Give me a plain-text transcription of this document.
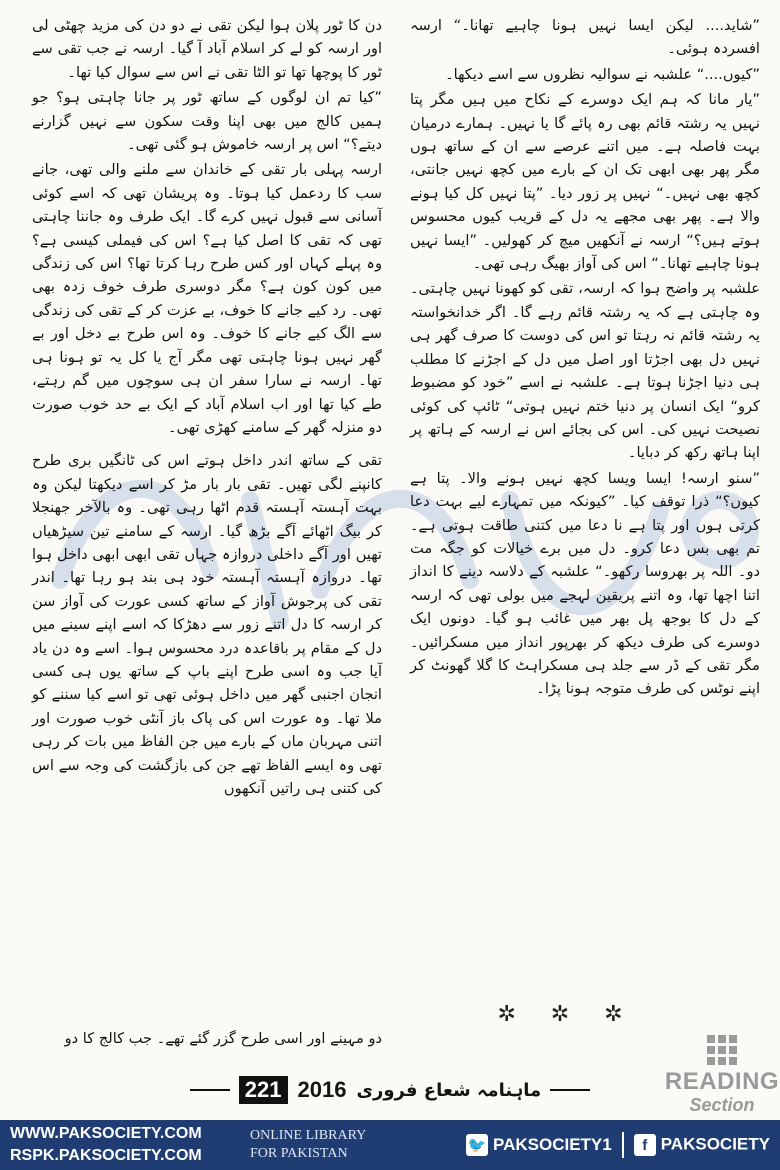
”شاید.... لیکن ایسا نہیں ہونا چاہیے تھانا۔“ ارسہ افسردہ ہوئی۔

”کیوں....“ علشبہ نے سوالیہ نظروں سے اسے دیکھا۔

”یار مانا کہ ہم ایک دوسرے کے نکاح میں ہیں مگر پتا نہیں یہ رشتہ قائم بھی رہ پائے گا یا نہیں۔ ہمارے درمیان بہت فاصلہ ہے۔ میں اتنے عرصے سے ان کے ساتھ ہوں مگر پھر بھی ابھی تک ان کے بارے میں کچھ نہیں جانتی، کچھ بھی نہیں۔“ نہیں پر زور دیا۔ ”پتا نہیں کل کیا ہونے والا ہے۔ پھر بھی مجھے یہ دل کے قریب کیوں محسوس ہوتے ہیں؟“ ارسہ نے آنکھیں میچ کر کھولیں۔ ”ایسا نہیں ہونا چاہیے تھانا۔“ اس کی آواز بھیگ رہی تھی۔

علشبہ پر واضح ہوا کہ ارسہ، تقی کو کھونا نہیں چاہتی۔ وہ چاہتی ہے کہ یہ رشتہ قائم رہے گا۔ اگر خدانخواستہ یہ رشتہ قائم نہ رہتا تو اس کی دوست کا صرف گھر ہی نہیں دل بھی اجڑتا اور اصل میں دل کے اجڑنے کا مطلب ہی دنیا اجڑنا ہوتا ہے۔ علشبہ نے اسے ”خود کو مضبوط کرو“ ایک انسان پر دنیا ختم نہیں ہوتی“ ٹائپ کی کوئی نصیحت نہیں کی۔ اس کی بجائے اس نے ارسہ کے ہاتھ پر اپنا ہاتھ رکھ کر دبایا۔

”سنو ارسہ! ایسا ویسا کچھ نہیں ہونے والا۔ پتا ہے کیوں؟“ ذرا توقف کیا۔ ”کیونکہ میں تمہارے لیے بہت دعا کرتی ہوں اور پتا ہے نا دعا میں کتنی طاقت ہوتی ہے۔ تم بھی بس دعا کرو۔ دل میں برے خیالات کو جگہ مت دو۔ اللہ پر بھروسا رکھو۔“ علشبہ کے دلاسہ دینے کا انداز اتنا اچھا تھا، وہ اتنے پریقین لہجے میں بولی تھی کہ ارسہ کے دل کا بوجھ پل بھر میں غائب ہو گیا۔ دونوں ایک دوسرے کی طرف دیکھ کر بھرپور انداز میں مسکرائیں۔ مگر تقی کے ڈر سے جلد ہی مسکراہٹ کا گلا گھونٹ کر اپنے نوٹس کی طرف متوجہ ہونا پڑا۔

دن کا ٹور پلان ہوا لیکن تقی نے دو دن کی مزید چھٹی لی اور ارسہ کو لے کر اسلام آباد آ گیا۔ ارسہ نے جب تقی سے ٹور کا پوچھا تھا تو الٹا تقی نے اس سے سوال کیا تھا۔

”کیا تم ان لوگوں کے ساتھ ٹور پر جانا چاہتی ہو؟ جو ہمیں کالج میں بھی اپنا وقت سکون سے نہیں گزارنے دیتے؟“ اس پر ارسہ خاموش ہو گئی تھی۔

ارسہ پہلی بار تقی کے خاندان سے ملنے والی تھی، جانے سب کا ردعمل کیا ہوتا۔ وہ پریشان تھی کہ اسے کوئی آسانی سے قبول نہیں کرے گا۔ ایک طرف وہ جاننا چاہتی تھی کہ تقی کا اصل کیا ہے؟ اس کی فیملی کیسی ہے؟ وہ پہلے کہاں اور کس طرح رہا کرتا تھا؟ اس کی زندگی میں کون کون ہے؟ مگر دوسری طرف خوف زدہ بھی تھی۔ رد کیے جانے کا خوف، بے عزت کر کے تقی کی زندگی سے الگ کیے جانے کا خوف۔ وہ اس طرح بے دخل اور بے گھر نہیں ہونا چاہتی تھی مگر آج یا کل یہ تو ہونا ہی تھا۔ ارسہ نے سارا سفر ان ہی سوچوں میں گم رہتے، طے کیا تھا اور اب اسلام آباد کے ایک بے حد خوب صورت دو منزلہ گھر کے سامنے کھڑی تھی۔

تقی کے ساتھ اندر داخل ہوتے اس کی ٹانگیں بری طرح کانپنے لگی تھیں۔ تقی بار بار مڑ کر اسے دیکھتا لیکن وہ بہت آہستہ آہستہ قدم اٹھا رہی تھی۔ وہ بالآخر جھنجلا کر بیگ اٹھائے آگے بڑھ گیا۔ ارسہ کے سامنے تین سیڑھیاں تھیں اور آگے داخلی دروازہ جہاں تقی ابھی ابھی داخل ہوا تھا۔ دروازہ آہستہ آہستہ خود ہی بند ہو رہا تھا۔ اندر تقی کی پرجوش آواز کے ساتھ کسی عورت کی آواز سن کر ارسہ کا دل اتنے زور سے دھڑکا کہ اسے اپنے سینے میں دل کے مقام پر باقاعدہ درد محسوس ہوا۔ اسے وہ دن یاد آیا جب وہ اسی طرح اپنے باپ کے ساتھ یوں ہی کسی انجان اجنبی گھر میں داخل ہوئی تھی تو اسے کیا سننے کو ملا تھا۔ وہ عورت اس کی پاک باز آنٹی خوب صورت اور اتنی مہربان ماں کے بارے میں جن الفاظ میں بات کر رہی تھی وہ ایسے الفاظ تھے جن کی بازگشت کی وجہ سے اس کی کتنی ہی راتیں آنکھوں

✲ ✲ ✲
دو مہینے اور اسی طرح گزر گئے تھے۔ جب کالج کا دو
READING
Section
221 2016 ماہنامہ شعاع فروری
WWW.PAKSOCIETY.COM
RSPK.PAKSOCIETY.COM
ONLINE LIBRARY
FOR PAKISTAN	🐦 PAKSOCIETY1	f PAKSOCIETY
